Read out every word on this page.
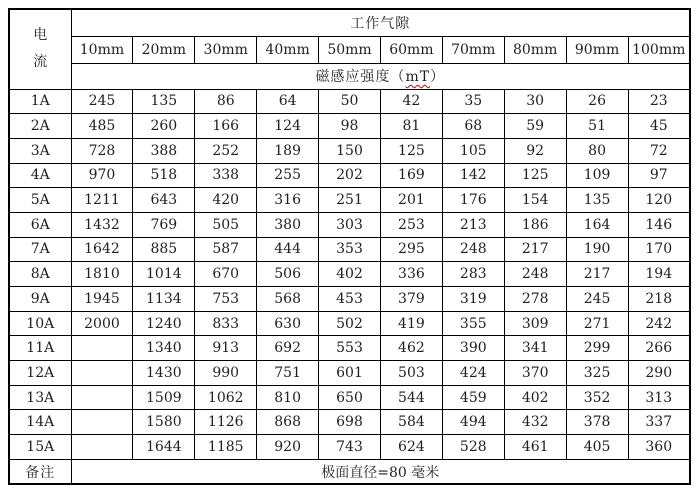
电
流	工作气隙									
	10mm	20mm	30mm	40mm	50mm	60mm	70mm	80mm	90mm	100mm
	磁感应强度（mT）									
1A	245	135	86	64	50	42	35	30	26	23
2A	485	260	166	124	98	81	68	59	51	45
3A	728	388	252	189	150	125	105	92	80	72
4A	970	518	338	255	202	169	142	125	109	97
5A	1211	643	420	316	251	201	176	154	135	120
6A	1432	769	505	380	303	253	213	186	164	146
7A	1642	885	587	444	353	295	248	217	190	170
8A	1810	1014	670	506	402	336	283	248	217	194
9A	1945	1134	753	568	453	379	319	278	245	218
10A	2000	1240	833	630	502	419	355	309	271	242
11A		1340	913	692	553	462	390	341	299	266
12A		1430	990	751	601	503	424	370	325	290
13A		1509	1062	810	650	544	459	402	352	313
14A		1580	1126	868	698	584	494	432	378	337
15A		1644	1185	920	743	624	528	461	405	360
备注	极面直径=80 毫米									
